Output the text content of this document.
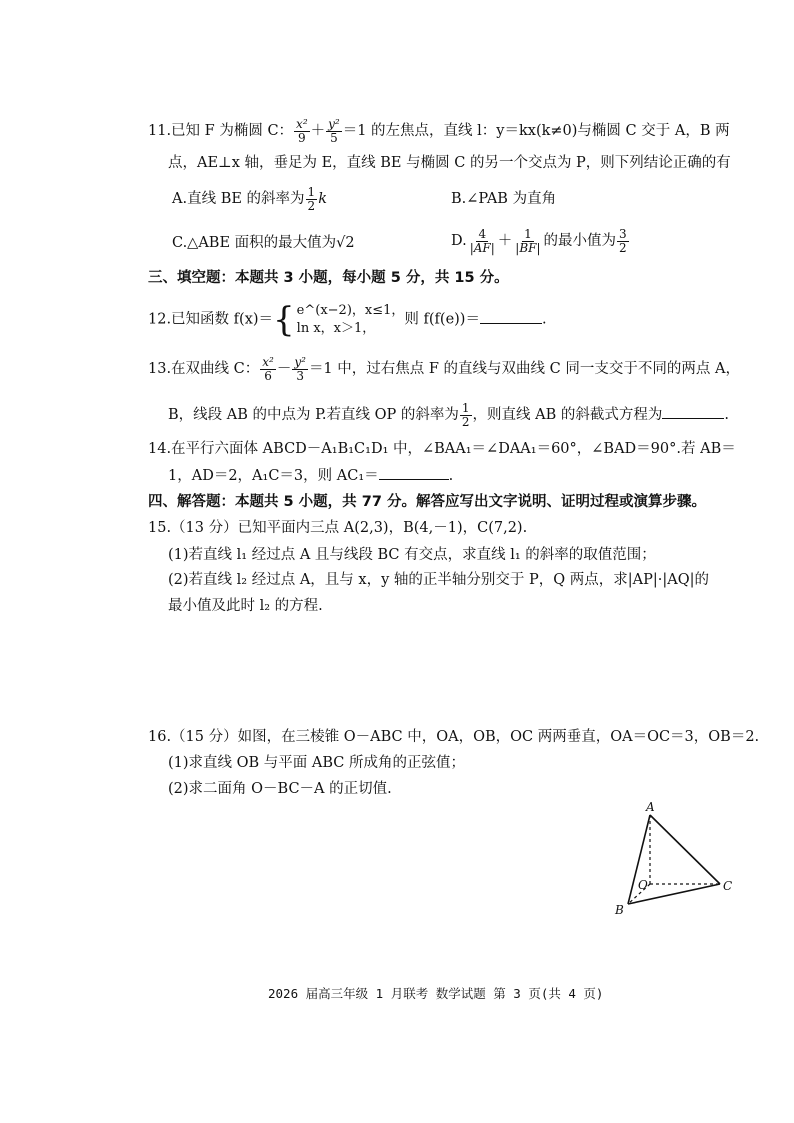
11.已知 F 为椭圆 C： $\frac{\text{x²}}{9} + \frac{\text{y²}}{5} =1$ 的左焦点，直线 l：y＝kx(k≠0)与椭圆 C 交于 A，B 两
点，AE⊥x 轴，垂足为 E，直线 BE 与椭圆 C 的另一个交点为 P，则下列结论正确的有
A.直线 BE 的斜率为 $\frac{1}{2}$ k	B.∠PAB 为直角
C.△ABE 面积的最大值为√2	D. $\frac{4}{|AF|} + \frac{1}{|BF|}$ 的最小值为 $\frac{3}{2}$
三、填空题：本题共 3 小题，每小题 5 分，共 15 分。
12.已知函数 f(x)＝ { e^(x−2)，x≤1，
ln x，x＞1，
则 f(f(e))＝	.
13.在双曲线 C： $\frac{\text{x²}}{6} - \frac{\text{y²}}{3} =1$ 中，过右焦点 F 的直线与双曲线 C 同一支交于不同的两点 A，
B，线段 AB 的中点为 P.若直线 OP 的斜率为 $\frac{1}{2}$ ，则直线 AB 的斜截式方程为	.
14.在平行六面体 ABCD－A₁B₁C₁D₁ 中，∠BAA₁＝∠DAA₁＝60°，∠BAD＝90°.若 AB＝
1，AD＝2，A₁C＝3，则 AC₁＝	.
四、解答题：本题共 5 小题，共 77 分。解答应写出文字说明、证明过程或演算步骤。
15.（13 分）已知平面内三点 A(2,3)，B(4,－1)，C(7,2).
(1)若直线 l₁ 经过点 A 且与线段 BC 有交点，求直线 l₁ 的斜率的取值范围；
(2)若直线 l₂ 经过点 A，且与 x，y 轴的正半轴分别交于 P，Q 两点，求|AP|·|AQ|的
最小值及此时 l₂ 的方程.
16.（15 分）如图，在三棱锥 O－ABC 中，OA，OB，OC 两两垂直，OA＝OC＝3，OB＝2.
(1)求直线 OB 与平面 ABC 所成角的正弦值；
(2)求二面角 O－BC－A 的正切值.
A
O
B
C
2026 届高三年级 1 月联考 数学试题 第 3 页(共 4 页)
